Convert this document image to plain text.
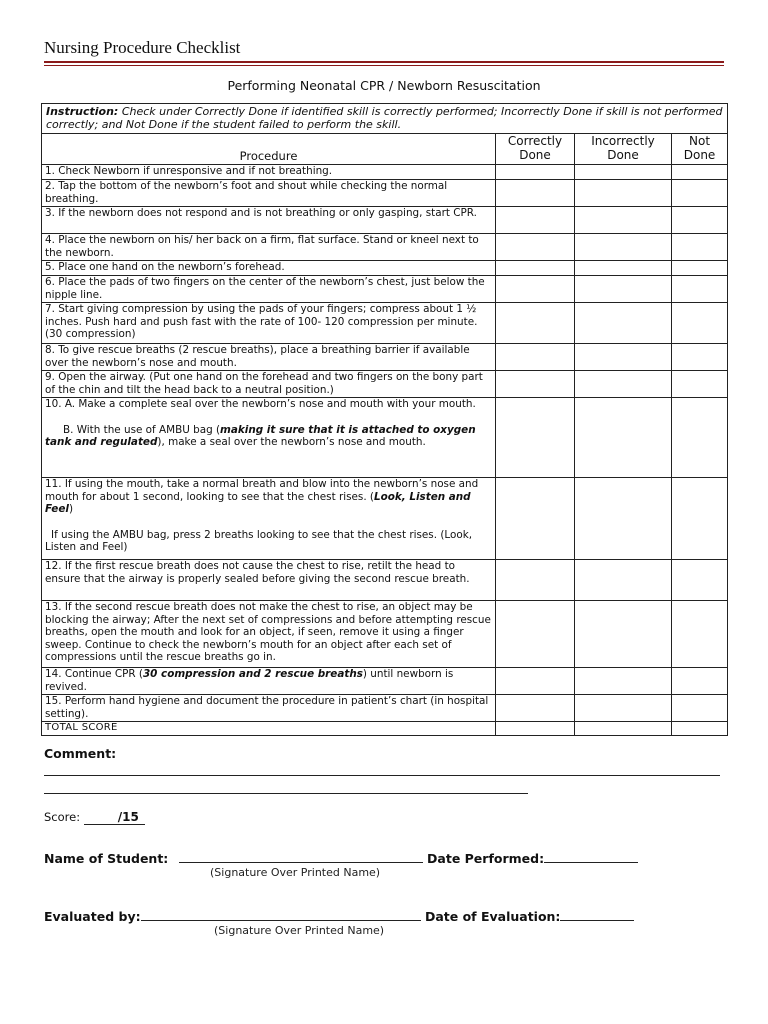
Nursing Procedure Checklist
Performing Neonatal CPR / Newborn Resuscitation
Instruction: Check under Correctly Done if identified skill is correctly performed; Incorrectly Done if skill is not performed correctly; and Not Done if the student failed to perform the skill.			
Procedure	Correctly Done	Incorrectly Done	Not Done
1. Check Newborn if unresponsive and if not breathing.			
2. Tap the bottom of the newborn’s foot and shout while checking the normal breathing.			
3. If the newborn does not respond and is not breathing or only gasping, start CPR.			
4. Place the newborn on his/ her back on a firm, flat surface. Stand or kneel next to the newborn.			
5. Place one hand on the newborn’s forehead.			
6. Place the pads of two fingers on the center of the newborn’s chest, just below the nipple line.			
7. Start giving compression by using the pads of your fingers; compress about 1 ½ inches. Push hard and push fast with the rate of 100- 120 compression per minute. (30 compression)			
8. To give rescue breaths (2 rescue breaths), place a breathing barrier if available over the newborn’s nose and mouth.			
9. Open the airway. (Put one hand on the forehead and two fingers on the bony part of the chin and tilt the head back to a neutral position.)			

10. A. Make a complete seal over the newborn’s nose and mouth with your mouth.

B. With the use of AMBU bag (making it sure that it is attached to oxygen tank and regulated), make a seal over the newborn’s nose and mouth.			

11. If using the mouth, take a normal breath and blow into the newborn’s nose and mouth for about 1 second, looking to see that the chest rises. (Look, Listen and Feel)

If using the AMBU bag, press 2 breaths looking to see that the chest rises. (Look, Listen and Feel)			

12. If the first rescue breath does not cause the chest to rise, retilt the head to ensure that the airway is properly sealed before giving the second rescue breath.			
13. If the second rescue breath does not make the chest to rise, an object may be blocking the airway; After the next set of compressions and before attempting rescue breaths, open the mouth and look for an object, if seen, remove it using a finger sweep. Continue to check the newborn’s mouth for an object after each set of compressions until the rescue breaths go in.			
14. Continue CPR (30 compression and 2 rescue breaths) until newborn is revived.			
15. Perform hand hygiene and document the procedure in patient’s chart (in hospital setting).			
TOTAL SCORE			
Comment:
Score:	/15
Name of Student:	Date Performed:
(Signature Over Printed Name)
Evaluated by:	Date of Evaluation:
(Signature Over Printed Name)
